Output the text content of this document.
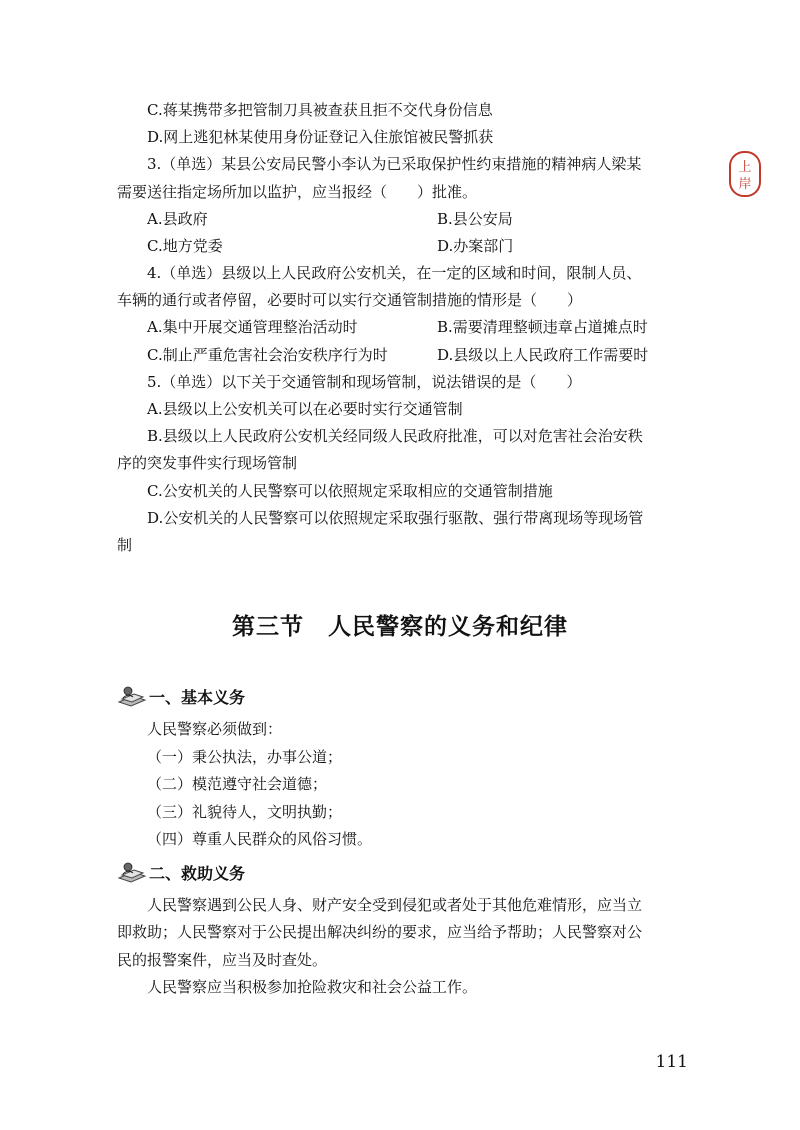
C.蒋某携带多把管制刀具被查获且拒不交代身份信息
D.网上逃犯林某使用身份证登记入住旅馆被民警抓获
3.（单选）某县公安局民警小李认为已采取保护性约束措施的精神病人梁某
需要送往指定场所加以监护，应当报经（　　）批准。
A.县政府	B.县公安局
C.地方党委	D.办案部门
4.（单选）县级以上人民政府公安机关，在一定的区域和时间，限制人员、
车辆的通行或者停留，必要时可以实行交通管制措施的情形是（　　）
A.集中开展交通管理整治活动时	B.需要清理整顿违章占道摊点时
C.制止严重危害社会治安秩序行为时	D.县级以上人民政府工作需要时
5.（单选）以下关于交通管制和现场管制，说法错误的是（　　）
A.县级以上公安机关可以在必要时实行交通管制
B.县级以上人民政府公安机关经同级人民政府批准，可以对危害社会治安秩
序的突发事件实行现场管制
C.公安机关的人民警察可以依照规定采取相应的交通管制措施
D.公安机关的人民警察可以依照规定采取强行驱散、强行带离现场等现场管
制
第三节　人民警察的义务和纪律
一、基本义务
人民警察必须做到：
（一）秉公执法，办事公道；
（二）模范遵守社会道德；
（三）礼貌待人，文明执勤；
（四）尊重人民群众的风俗习惯。
二、救助义务
人民警察遇到公民人身、财产安全受到侵犯或者处于其他危难情形，应当立
即救助；人民警察对于公民提出解决纠纷的要求，应当给予帮助；人民警察对公
民的报警案件，应当及时查处。
人民警察应当积极参加抢险救灾和社会公益工作。
上
岸
111
